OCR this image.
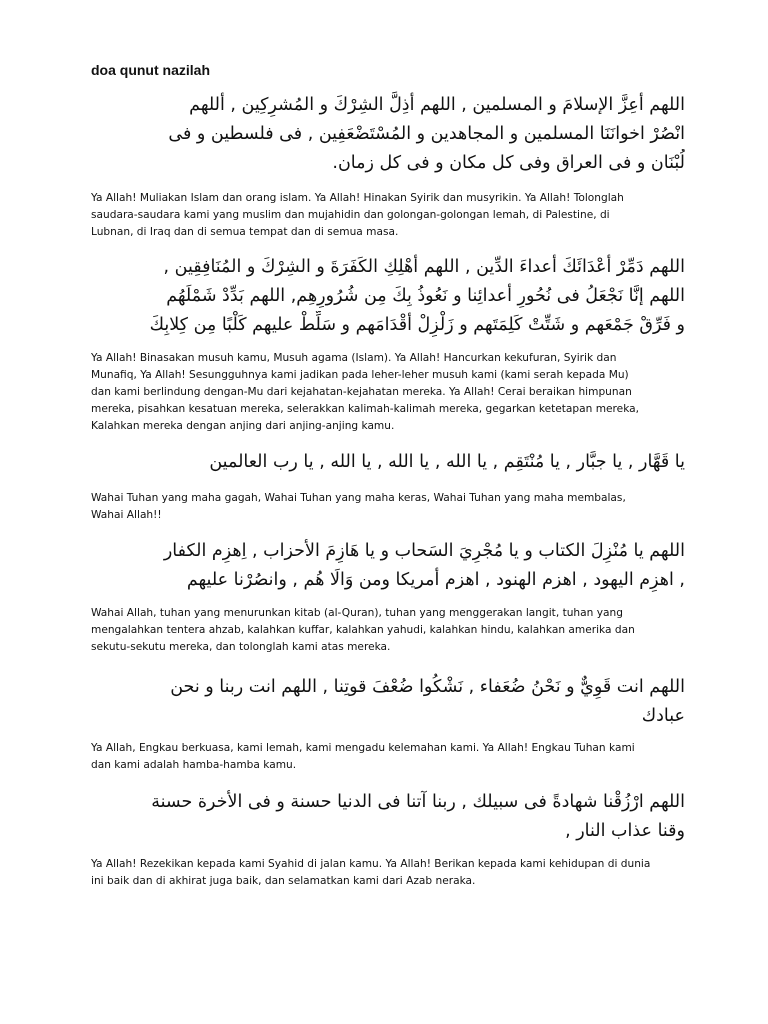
doa qunut nazilah
اللهم أعِزَّ الإسلامَ و المسلمين , اللهم أذِلَّ الشِرْكَ و المُشرِكِين , أللهم
انْصُرْ اخوانَنَا المسلمين و المجاهدين و المُسْتَضْعَفِين , فى فلسطين و فى
لُبْنَان و فى العراق وفى كل مكان و فى كل زمان.
Ya Allah! Muliakan Islam dan orang islam. Ya Allah! Hinakan Syirik dan musyrikin. Ya Allah! Tolonglah
saudara-saudara kami yang muslim dan mujahidin dan golongan-golongan lemah, di Palestine, di
Lubnan, di Iraq dan di semua tempat dan di semua masa.
اللهم دَمِّرْ أعْدَائَكَ أعداءَ الدِّين , اللهم أهْلِكِ الكَفَرَةَ و الشِرْكَ و المُنَافِقِين ,
اللهم إنَّا نَجْعَلُ فى نُحُورِ أعدائِنا و نَعُوذُ بِكَ مِن شُرُورِهِم, اللهم بَدِّدْ شَمْلَهُم
و فَرِّقْ جَمْعَهم و شَتِّتْ كَلِمَتَهم و زَلْزِلْ أقْدَامَهم و سَلِّطْ عليهم كَلْبًا مِن كِلابِكَ
Ya Allah! Binasakan musuh kamu, Musuh agama (Islam). Ya Allah! Hancurkan kekufuran, Syirik dan
Munafiq, Ya Allah! Sesungguhnya kami jadikan pada leher-leher musuh kami (kami serah kepada Mu)
dan kami berlindung dengan-Mu dari kejahatan-kejahatan mereka. Ya Allah! Cerai beraikan himpunan
mereka, pisahkan kesatuan mereka, selerakkan kalimah-kalimah mereka, gegarkan ketetapan mereka,
Kalahkan mereka dengan anjing dari anjing-anjing kamu.
يا قَهَّار , يا جبَّار , يا مُنْتَقِم , يا الله , يا الله , يا الله , يا رب العالمين
Wahai Tuhan yang maha gagah, Wahai Tuhan yang maha keras, Wahai Tuhan yang maha membalas,
Wahai Allah!!
اللهم يا مُنْزِلَ الكتاب و يا مُجْرِيَ السَحاب و يا هَازِمَ الأحزاب , اِهزِم الكفار
, اهزِم اليهود , اهزم الهنود , اهزم أمريكا ومن وَالَا هُم , وانصُرْنا عليهم
Wahai Allah, tuhan yang menurunkan kitab (al-Quran), tuhan yang menggerakan langit, tuhan yang
mengalahkan tentera ahzab, kalahkan kuffar, kalahkan yahudi, kalahkan hindu, kalahkan amerika dan
sekutu-sekutu mereka, dan tolonglah kami atas mereka.
اللهم انت قَوِيٌّ و نَحْنُ ضُعَفاء , نَشْكُوا ضُعْفَ قوتِنا , اللهم انت ربنا و نحن
عبادك
Ya Allah, Engkau berkuasa, kami lemah, kami mengadu kelemahan kami. Ya Allah! Engkau Tuhan kami
dan kami adalah hamba-hamba kamu.
اللهم ارْزُقْنا شهادةً فى سبيلك , ربنا آتنا فى الدنيا حسنة و فى الأخرة حسنة
وقنا عذاب النار ,
Ya Allah! Rezekikan kepada kami Syahid di jalan kamu. Ya Allah! Berikan kepada kami kehidupan di dunia
ini baik dan di akhirat juga baik, dan selamatkan kami dari Azab neraka.
